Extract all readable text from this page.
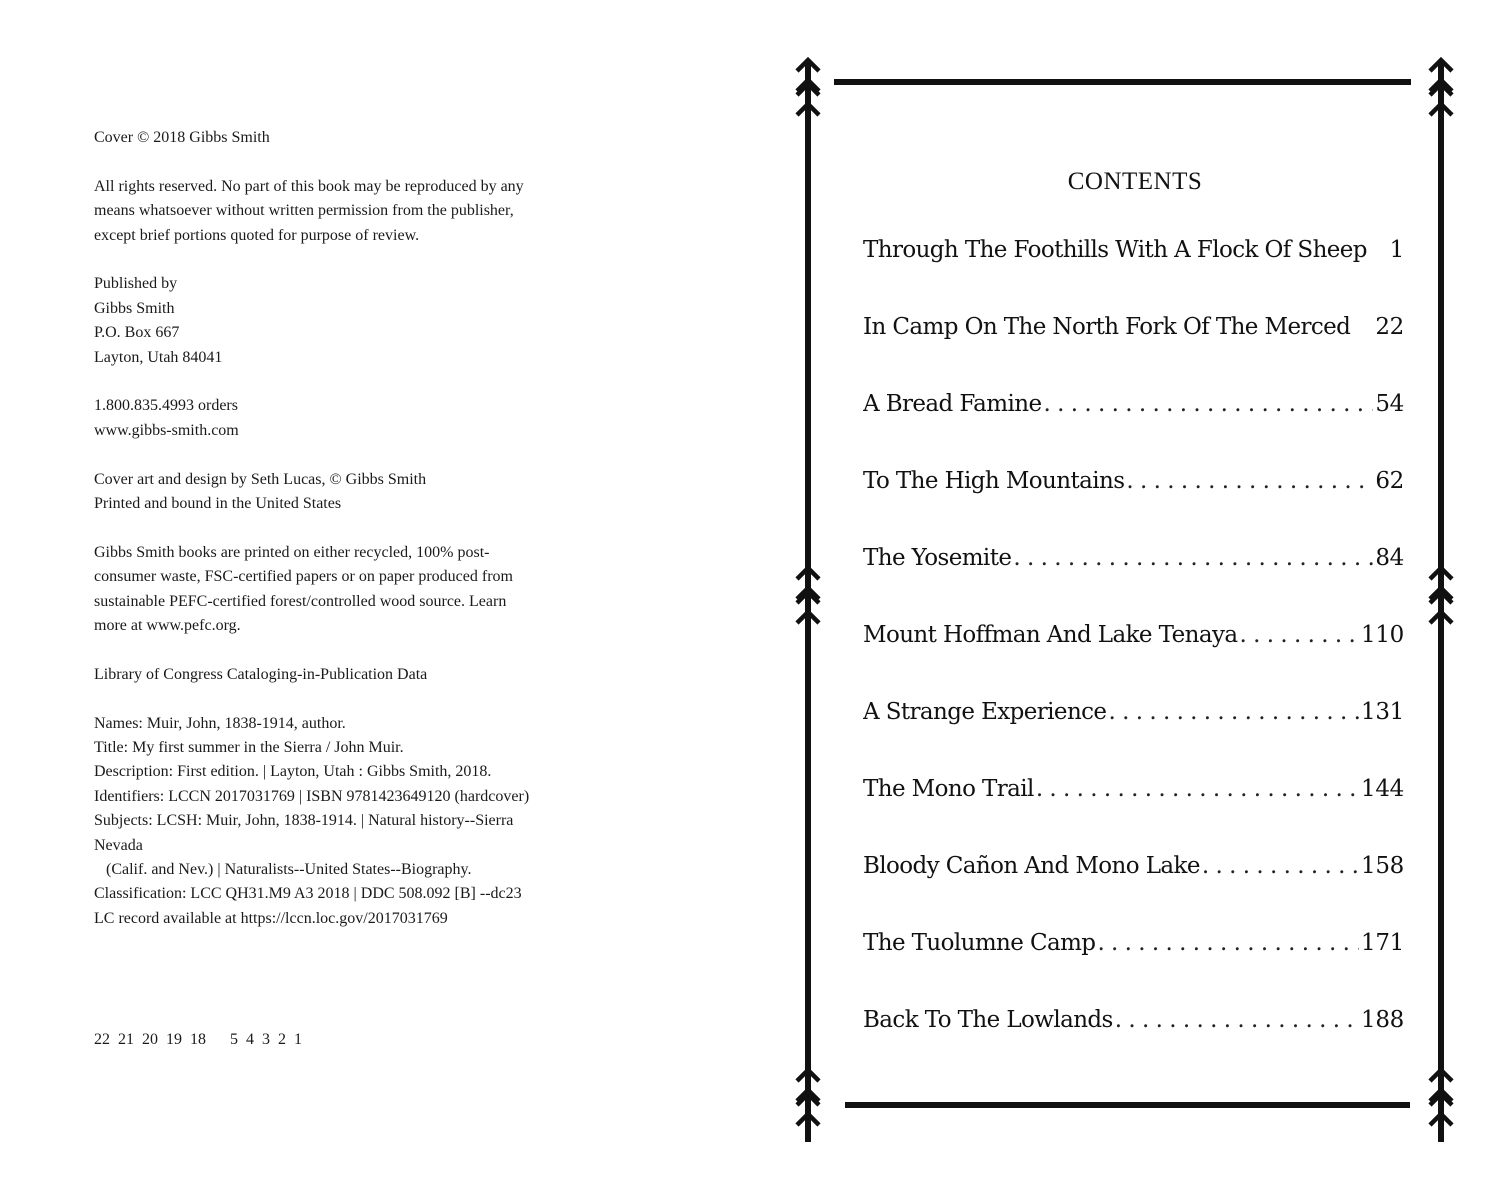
Cover © 2018 Gibbs Smith
All rights reserved. No part of this book may be reproduced by any
means whatsoever without written permission from the publisher,
except brief portions quoted for purpose of review.
Published by
Gibbs Smith
P.O. Box 667
Layton, Utah 84041
1.800.835.4993 orders
www.gibbs-smith.com
Cover art and design by Seth Lucas, © Gibbs Smith
Printed and bound in the United States
Gibbs Smith books are printed on either recycled, 100% post-
consumer waste, FSC-certified papers or on paper produced from
sustainable PEFC-certified forest/controlled wood source. Learn
more at www.pefc.org.
Library of Congress Cataloging-in-Publication Data
Names: Muir, John, 1838-1914, author.
Title: My first summer in the Sierra / John Muir.
Description: First edition. | Layton, Utah : Gibbs Smith, 2018.
Identifiers: LCCN 2017031769 | ISBN 9781423649120 (hardcover)
Subjects: LCSH: Muir, John, 1838-1914. | Natural history--Sierra
Nevada
(Calif. and Nev.) | Naturalists--United States--Biography.
Classification: LCC QH31.M9 A3 2018 | DDC 508.092 [B] --dc23
LC record available at https://lccn.loc.gov/2017031769
22  21  20  19  18      5  4  3  2  1
CONTENTS
Through The Foothills With A Flock Of Sheep 1
In Camp On The North Fork Of The Merced 22
A Bread Famine . . .	54
To The High Mountains . . .	62
The Yosemite . . .	84
Mount Hoffman And Lake Tenaya . . .	110
A Strange Experience . . .	131
The Mono Trail . . .	144
Bloody Cañon And Mono Lake . . .	158
The Tuolumne Camp . . .	171
Back To The Lowlands . . .	188
